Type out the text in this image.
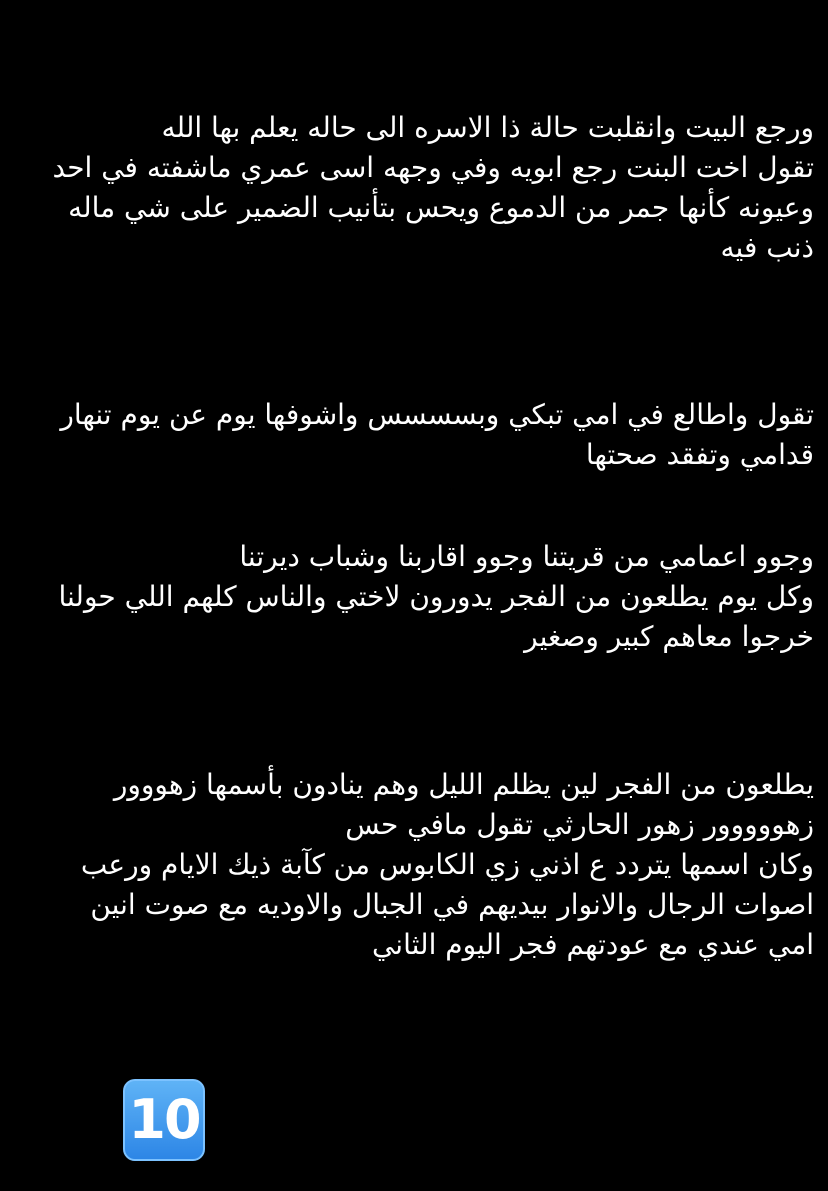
ورجع البيت وانقلبت حالة ذا الاسره الى حاله يعلم بها الله
تقول اخت البنت رجع ابويه وفي وجهه اسى عمري ماشفته في احد
وعيونه كأنها جمر من الدموع ويحس بتأنيب الضمير على شي ماله
ذنب فيه
تقول واطالع في امي تبكي وبسسسس واشوفها يوم عن يوم تنهار
قدامي وتفقد صحتها
وجوو اعمامي من قريتنا وجوو اقاربنا وشباب ديرتنا
وكل يوم يطلعون من الفجر يدورون لاختي والناس كلهم اللي حولنا
خرجوا معاهم كبير وصغير
يطلعون من الفجر لين يظلم الليل وهم ينادون بأسمها زهووور
زهووووور زهور الحارثي تقول مافي حس
وكان اسمها يتردد ع اذني زي الكابوس من كآبة ذيك الايام ورعب
اصوات الرجال والانوار بيديهم في الجبال والاوديه مع صوت انين
امي عندي مع عودتهم فجر اليوم الثاني
10
